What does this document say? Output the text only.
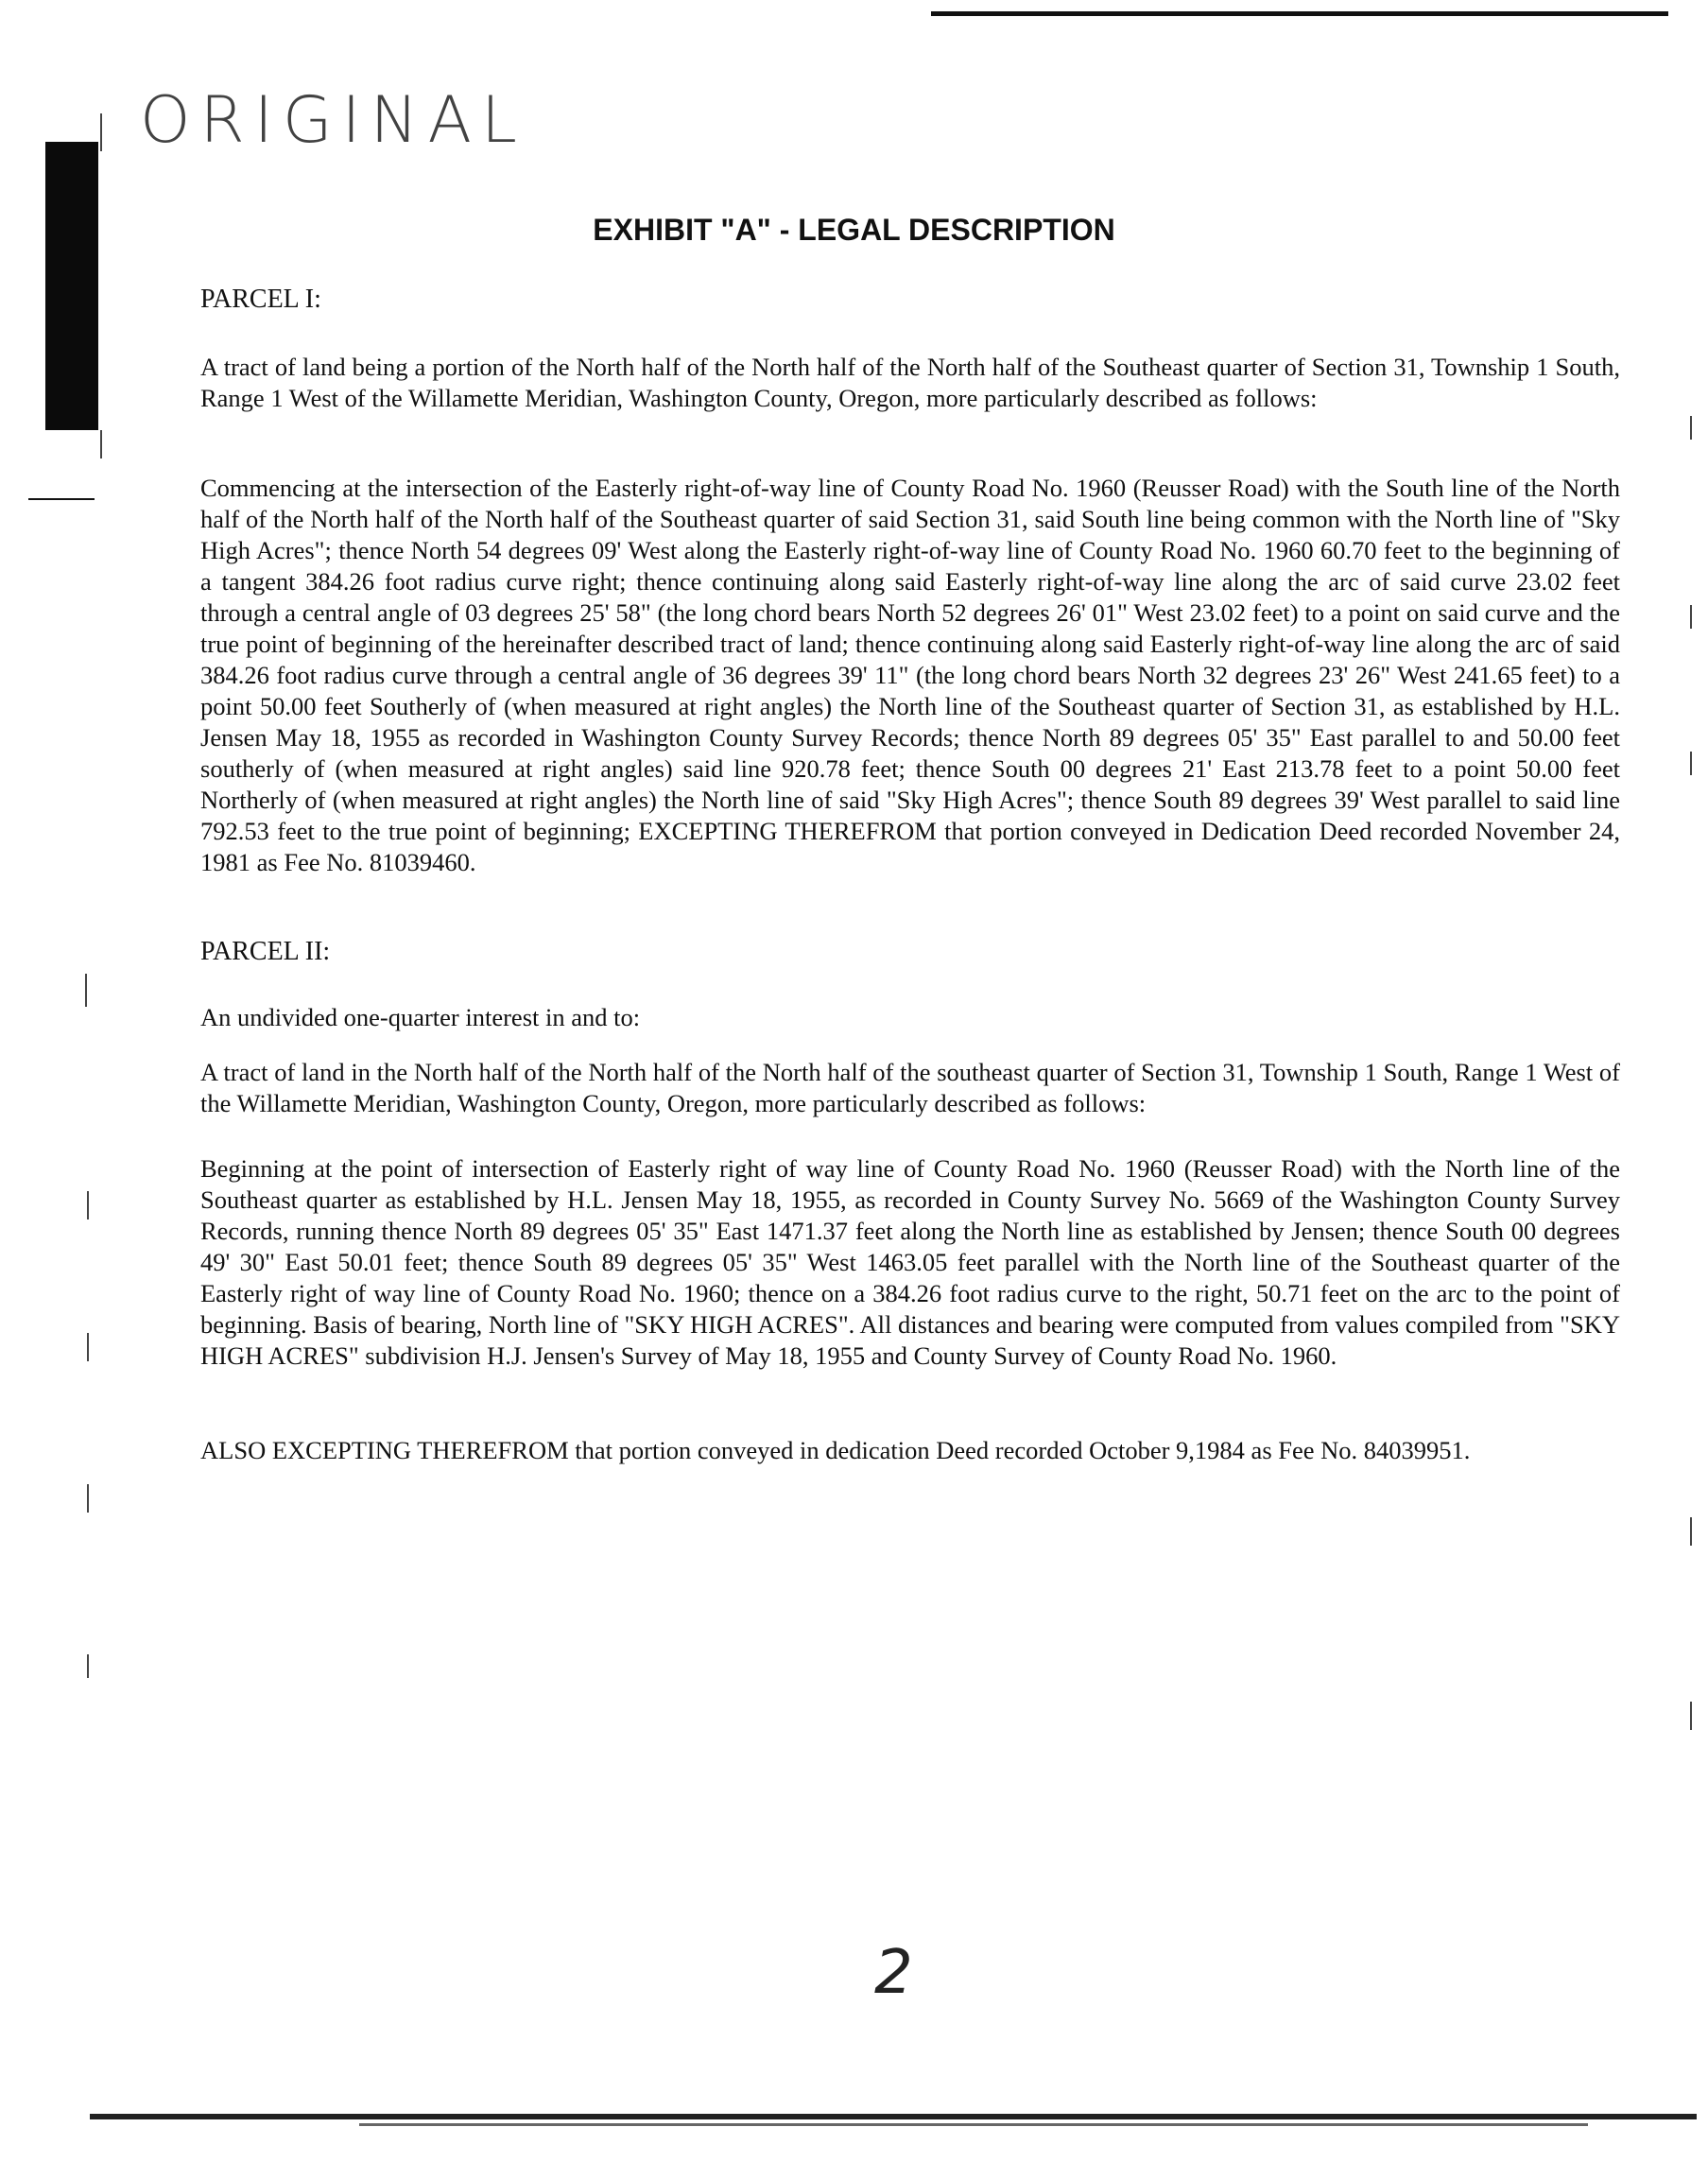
ORIGINAL
EXHIBIT "A" - LEGAL DESCRIPTION
PARCEL I:
A tract of land being a portion of the North half of the North half of the North half of the Southeast quarter of Section 31, Township 1 South, Range 1 West of the Willamette Meridian, Washington County, Oregon, more particularly described as follows:
Commencing at the intersection of the Easterly right-of-way line of County Road No. 1960 (Reusser Road) with the South line of the North half of the North half of the North half of the Southeast quarter of said Section 31, said South line being common with the North line of "Sky High Acres"; thence North 54 degrees 09' West along the Easterly right-of-way line of County Road No. 1960 60.70 feet to the beginning of a tangent 384.26 foot radius curve right; thence continuing along said Easterly right-of-way line along the arc of said curve 23.02 feet through a central angle of 03 degrees 25' 58" (the long chord bears North 52 degrees 26' 01" West 23.02 feet) to a point on said curve and the true point of beginning of the hereinafter described tract of land; thence continuing along said Easterly right-of-way line along the arc of said 384.26 foot radius curve through a central angle of 36 degrees 39' 11" (the long chord bears North 32 degrees 23' 26" West 241.65 feet) to a point 50.00 feet Southerly of (when measured at right angles) the North line of the Southeast quarter of Section 31, as established by H.L. Jensen May 18, 1955 as recorded in Washington County Survey Records; thence North 89 degrees 05' 35" East parallel to and 50.00 feet southerly of (when measured at right angles) said line 920.78 feet; thence South 00 degrees 21' East 213.78 feet to a point 50.00 feet Northerly of (when measured at right angles) the North line of said "Sky High Acres"; thence South 89 degrees 39' West parallel to said line 792.53 feet to the true point of beginning; EXCEPTING THEREFROM that portion conveyed in Dedication Deed recorded November 24, 1981 as Fee No. 81039460.
PARCEL II:
An undivided one-quarter interest in and to:
A tract of land in the North half of the North half of the North half of the southeast quarter of Section 31, Township 1 South, Range 1 West of the Willamette Meridian, Washington County, Oregon, more particularly described as follows:
Beginning at the point of intersection of Easterly right of way line of County Road No. 1960 (Reusser Road) with the North line of the Southeast quarter as established by H.L. Jensen May 18, 1955, as recorded in County Survey No. 5669 of the Washington County Survey Records, running thence North 89 degrees 05' 35" East 1471.37 feet along the North line as established by Jensen; thence South 00 degrees 49' 30" East 50.01 feet; thence South 89 degrees 05' 35" West 1463.05 feet parallel with the North line of the Southeast quarter of the Easterly right of way line of County Road No. 1960; thence on a 384.26 foot radius curve to the right, 50.71 feet on the arc to the point of beginning. Basis of bearing, North line of "SKY HIGH ACRES". All distances and bearing were computed from values compiled from "SKY HIGH ACRES" subdivision H.J. Jensen's Survey of May 18, 1955 and County Survey of County Road No. 1960.
ALSO EXCEPTING THEREFROM that portion conveyed in dedication Deed recorded October 9,1984 as Fee No. 84039951.
2
